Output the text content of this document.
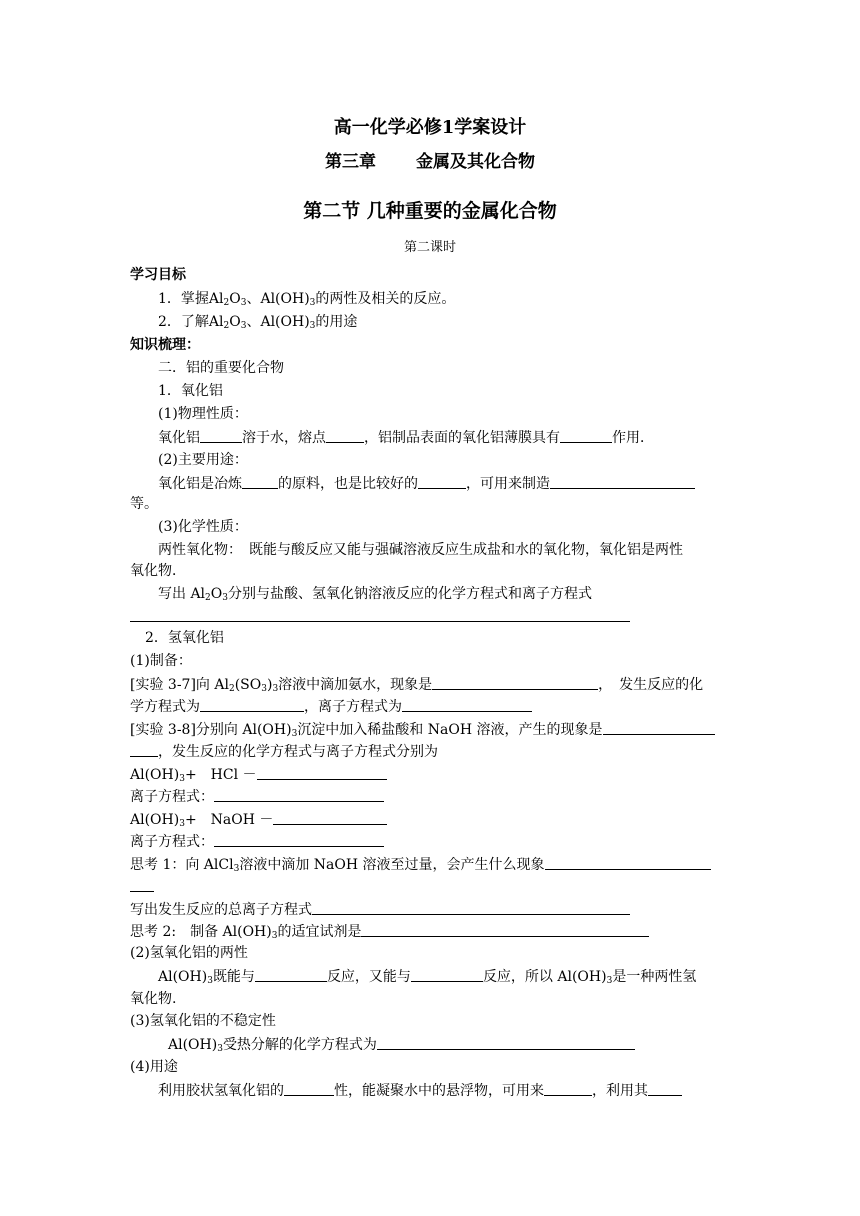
高一化学必修1学案设计
第三章 金属及其化合物
第二节 几种重要的金属化合物
第二课时
学习目标
1．掌握$Al_2O_3$、$Al(OH)_3$的两性及相关的反应。
2．了解$Al_2O_3$、$Al(OH)_3$的用途
知识梳理：
二．铝的重要化合物
1．氧化铝
(1)物理性质：
氧化铝	溶于水，熔点	，铝制品表面的氧化铝薄膜具有	作用．
(2)主要用途：
氧化铝是冶炼	的原料，也是比较好的	，可用来制造
等。
(3)化学性质：
两性氧化物：　既能与酸反应又能与强碱溶液反应生成盐和水的氧化物，氧化铝是两性
氧化物．
写出 $Al_2O_3$分别与盐酸、氢氧化钠溶液反应的化学方程式和离子方程式
2．氢氧化铝
(1)制备：
[实验 3-7]向 $Al_2(SO_3)_3$溶液中滴加氨水，现象是	，　发生反应的化
学方程式为	，离子方程式为
[实验 3-8]分别向 $Al(OH)_3$沉淀中加入稀盐酸和 NaOH 溶液，产生的现象是
，发生反应的化学方程式与离子方程式分别为
$Al(OH)_3+$　HCl －
离子方程式：
$Al(OH)_3+$　NaOH －
离子方程式：
思考 1：向 AlCl$_3$溶液中滴加 NaOH 溶液至过量，会产生什么现象
写出发生反应的总离子方程式
思考 2:　制备 $Al(OH)_3$的适宜试剂是
(2)氢氧化铝的两性
$Al(OH)_3$既能与	反应，又能与	反应，所以 $Al(OH)_3$是一种两性氢
氧化物.
(3)氢氧化铝的不稳定性
$Al(OH)_3$受热分解的化学方程式为
(4)用途
利用胶状氢氧化铝的	性，能凝聚水中的悬浮物，可用来	，利用其
